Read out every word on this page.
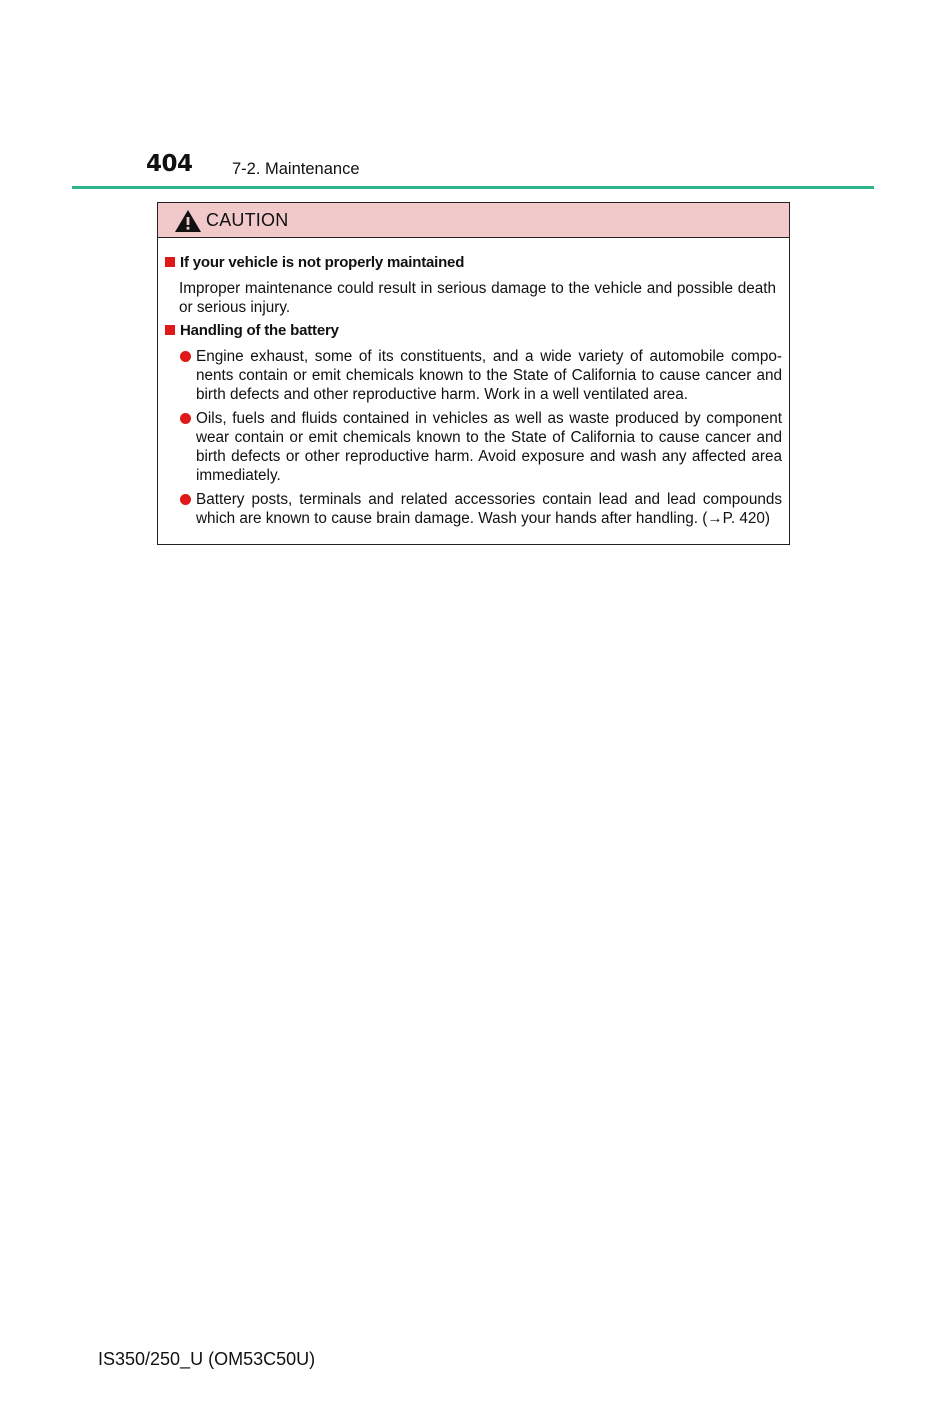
404 7-2. Maintenance
CAUTION
If your vehicle is not properly maintained
Improper maintenance could result in serious damage to the vehicle and possible death or serious injury.
Handling of the battery
Engine exhaust, some of its constituents, and a wide variety of automobile compo-nents contain or emit chemicals known to the State of California to cause cancer and birth defects and other reproductive harm. Work in a well ventilated area.
Oils, fuels and fluids contained in vehicles as well as waste produced by component wear contain or emit chemicals known to the State of California to cause cancer and birth defects or other reproductive harm. Avoid exposure and wash any affected area immediately.
Battery posts, terminals and related accessories contain lead and lead compounds which are known to cause brain damage. Wash your hands after handling. (→P. 420)
IS350/250_U (OM53C50U)
